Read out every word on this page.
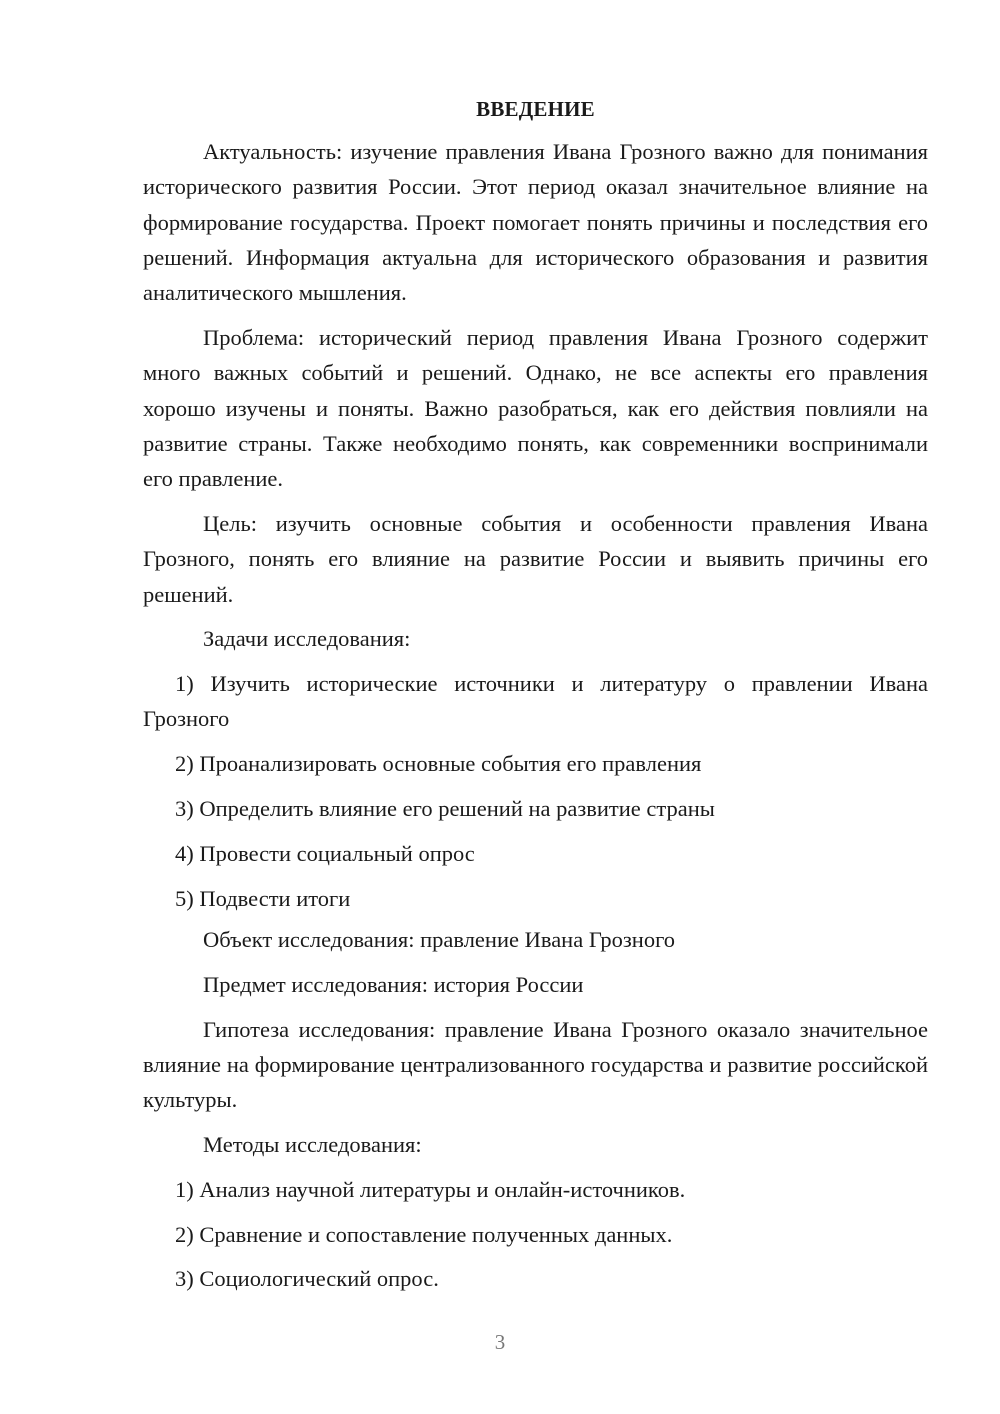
ВВЕДЕНИЕ

Актуальность: изучение правления Ивана Грозного важно для понимания исторического развития России. Этот период оказал значительное влияние на формирование государства. Проект помогает понять причины и последствия его решений. Информация актуальна для исторического образования и развития аналитического мышления.

Проблема: исторический период правления Ивана Грозного содержит много важных событий и решений. Однако, не все аспекты его правления хорошо изучены и поняты. Важно разобраться, как его действия повлияли на развитие страны. Также необходимо понять, как современники воспринимали его правление.

Цель: изучить основные события и особенности правления Ивана Грозного, понять его влияние на развитие России и выявить причины его решений.

Задачи исследования:

1) Изучить исторические источники и литературу о правлении Ивана Грозного

2) Проанализировать основные события его правления
3) Определить влияние его решений на развитие страны
4) Провести социальный опрос
5) Подвести итоги
Объект исследования: правление Ивана Грозного
Предмет исследования: история России

Гипотеза исследования: правление Ивана Грозного оказало значительное влияние на формирование централизованного государства и развитие российской культуры.

Методы исследования:
1) Анализ научной литературы и онлайн-источников.
2) Сравнение и сопоставление полученных данных.
3) Социологический опрос.
3
